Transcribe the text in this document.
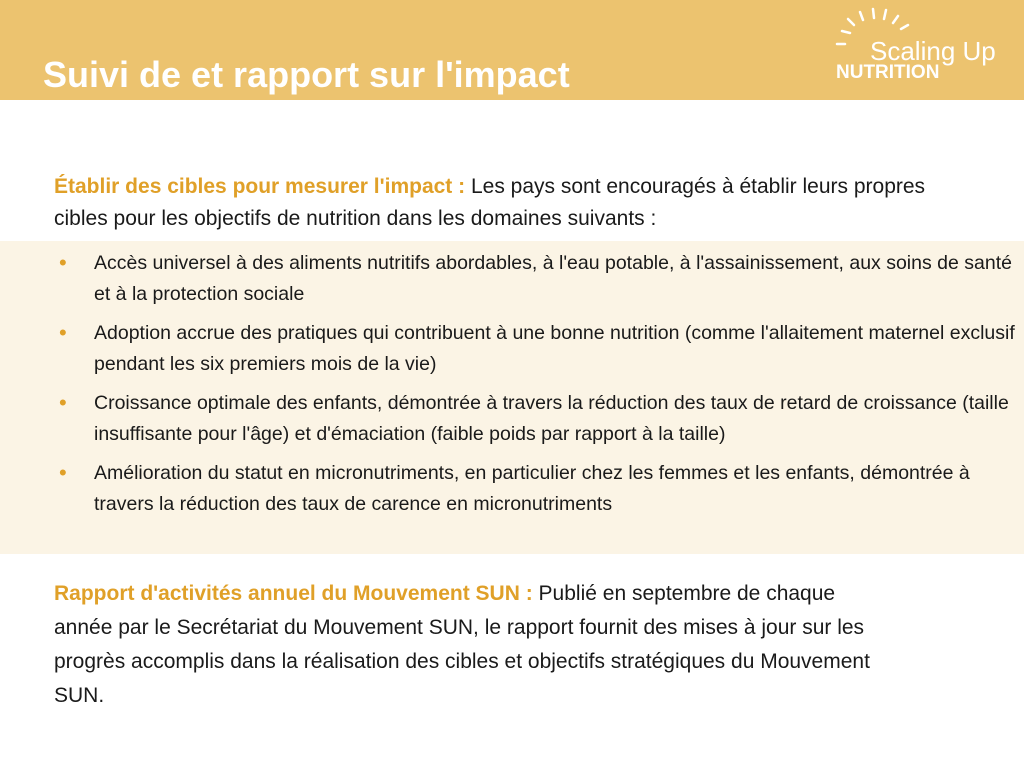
Suivi de et rapport sur l'impact
Scaling Up
NUTRITION

Établir des cibles pour mesurer l'impact : Les pays sont encouragés à établir leurs propres cibles pour les objectifs de nutrition dans les domaines suivants :

• Accès universel à des aliments nutritifs abordables, à l'eau potable, à l'assainissement, aux soins de santé et à la protection sociale
• Adoption accrue des pratiques qui contribuent à une bonne nutrition (comme l'allaitement maternel exclusif pendant les six premiers mois de la vie)
• Croissance optimale des enfants, démontrée à travers la réduction des taux de retard de croissance (taille insuffisante pour l'âge) et d'émaciation (faible poids par rapport à la taille)
• Amélioration du statut en micronutriments, en particulier chez les femmes et les enfants, démontrée à travers la réduction des taux de carence en micronutriments

Rapport d'activités annuel du Mouvement SUN : Publié en septembre de chaque année par le Secrétariat du Mouvement SUN, le rapport fournit des mises à jour sur les progrès accomplis dans la réalisation des cibles et objectifs stratégiques du Mouvement SUN.
